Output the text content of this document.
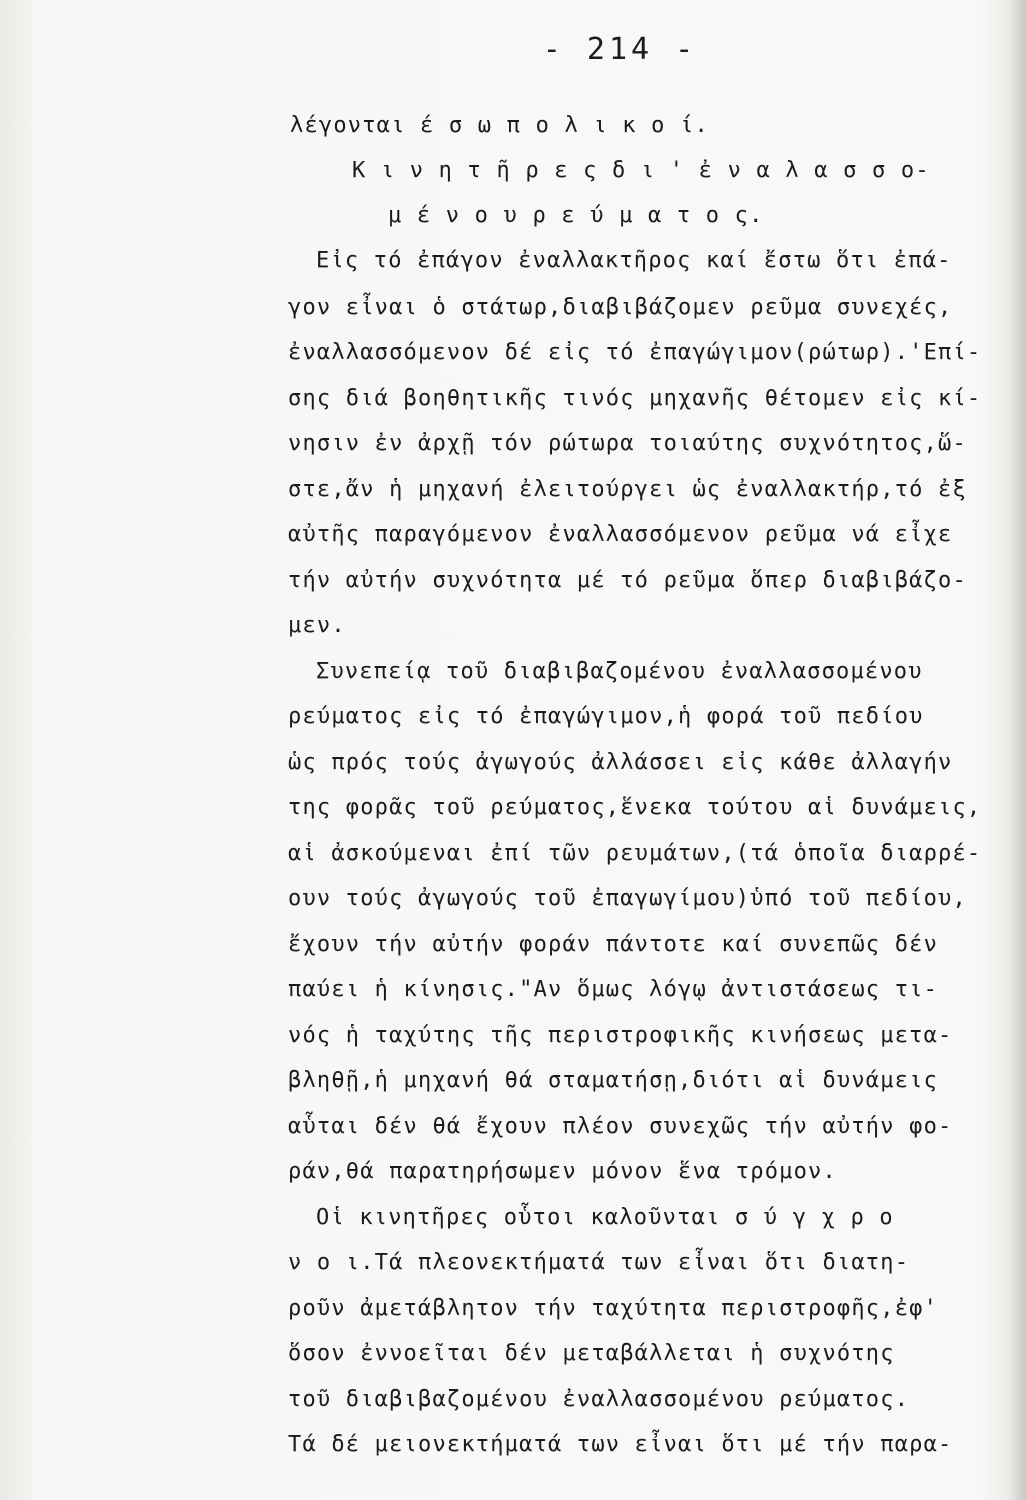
- 214 -
λέγονται έ σ ω π ο λ ι κ ο ί.
Κ ι ν η τ ῆ ρ ε ς δ ι ' ἐ ν α λ α σ σ ο-
μ έ ν ο υ ρ ε ύ μ α τ ο ς.
Εἰς τό ἐπάγον ἐναλλακτῆρος καί ἔστω ὅτι ἐπά-
γον εἶναι ὁ στάτωρ,διαβιβάζομεν ρεῦμα συνεχές,
ἐναλλασσόμενον δέ εἰς τό ἐπαγώγιμον(ρώτωρ).'Επί-
σης διά βοηθητικῆς τινός μηχανῆς θέτομεν εἰς κί-
νησιν ἐν ἀρχῇ τόν ρώτωρα τοιαύτης συχνότητος,ὥ-
στε,ἄν ἡ μηχανή ἐλειτούργει ὡς ἐναλλακτήρ,τό ἐξ
αὐτῆς παραγόμενον ἐναλλασσόμενον ρεῦμα νά εἶχε
τήν αὐτήν συχνότητα μέ τό ρεῦμα ὅπερ διαβιβάζο-
μεν.
Συνεπείᾳ τοῦ διαβιβαζομένου ἐναλλασσομένου
ρεύματος εἰς τό ἐπαγώγιμον,ἡ φορά τοῦ πεδίου
ὡς πρός τούς ἀγωγούς ἀλλάσσει εἰς κάθε ἀλλαγήν
της φορᾶς τοῦ ρεύματος,ἕνεκα τούτου αἱ δυνάμεις,
αἱ ἀσκούμεναι ἐπί τῶν ρευμάτων,(τά ὁποῖα διαρρέ-
ουν τούς ἀγωγούς τοῦ ἐπαγωγίμου)ὑπό τοῦ πεδίου,
ἔχουν τήν αὐτήν φοράν πάντοτε καί συνεπῶς δέν
παύει ἡ κίνησις."Αν ὅμως λόγῳ ἀντιστάσεως τι-
νός ἡ ταχύτης τῆς περιστροφικῆς κινήσεως μετα-
βληθῇ,ἡ μηχανή θά σταματήσῃ,διότι αἱ δυνάμεις
αὗται δέν θά ἔχουν πλέον συνεχῶς τήν αὐτήν φο-
ράν,θά παρατηρήσωμεν μόνον ἕνα τρόμον.
Οἱ κινητῆρες οὗτοι καλοῦνται σ ύ γ χ ρ ο
ν ο ι.Τά πλεονεκτήματά των εἶναι ὅτι διατη-
ροῦν ἀμετάβλητον τήν ταχύτητα περιστροφῆς,ἐφ'
ὅσον ἐννοεῖται δέν μεταβάλλεται ἡ συχνότης
τοῦ διαβιβαζομένου ἐναλλασσομένου ρεύματος.
Τά δέ μειονεκτήματά των εἶναι ὅτι μέ τήν παρα-
